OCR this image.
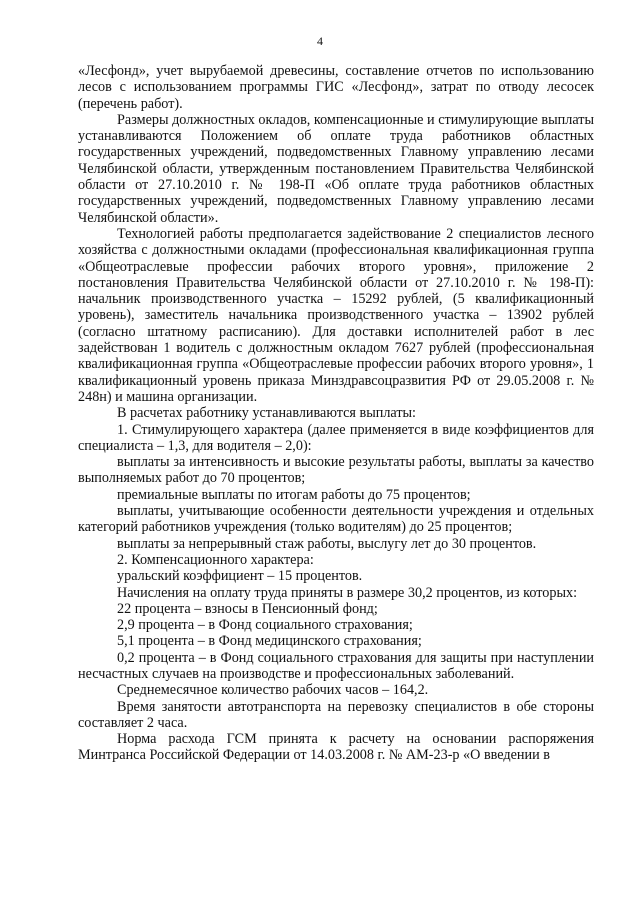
4

«Лесфонд», учет вырубаемой древесины, составление отчетов по использованию лесов с использованием программы ГИС «Лесфонд», затрат по отводу лесосек (перечень работ).

Размеры должностных окладов, компенсационные и стимулирующие выплаты устанавливаются Положением об оплате труда работников областных государственных учреждений, подведомственных Главному управлению лесами Челябинской области, утвержденным постановлением Правительства Челябинской области от 27.10.2010 г. № 198-П «Об оплате труда работников областных государственных учреждений, подведомственных Главному управлению лесами Челябинской области».

Технологией работы предполагается задействование 2 специалистов лесного хозяйства с должностными окладами (профессиональная квалификационная группа «Общеотраслевые профессии рабочих второго уровня», приложение 2 постановления Правительства Челябинской области от 27.10.2010 г. № 198-П): начальник производственного участка – 15292 рублей, (5 квалификационный уровень), заместитель начальника производственного участка – 13902 рублей (согласно штатному расписанию). Для доставки исполнителей работ в лес задействован 1 водитель с должностным окладом 7627 рублей (профессиональная квалификационная группа «Общеотраслевые профессии рабочих второго уровня», 1 квалификационный уровень приказа Минздравсоцразвития РФ от 29.05.2008 г. № 248н) и машина организации.

В расчетах работнику устанавливаются выплаты:

1. Стимулирующего характера (далее применяется в виде коэффициентов для специалиста – 1,3, для водителя – 2,0):

выплаты за интенсивность и высокие результаты работы, выплаты за качество выполняемых работ до 70 процентов;

премиальные выплаты по итогам работы до 75 процентов;

выплаты, учитывающие особенности деятельности учреждения и отдельных категорий работников учреждения (только водителям) до 25 процентов;

выплаты за непрерывный стаж работы, выслугу лет до 30 процентов.

2. Компенсационного характера:

уральский коэффициент – 15 процентов.

Начисления на оплату труда приняты в размере 30,2 процентов, из которых:

22 процента – взносы в Пенсионный фонд;

2,9 процента – в Фонд социального страхования;

5,1 процента – в Фонд медицинского страхования;

0,2 процента – в Фонд социального страхования для защиты при наступлении несчастных случаев на производстве и профессиональных заболеваний.

Среднемесячное количество рабочих часов – 164,2.

Время занятости автотранспорта на перевозку специалистов в обе стороны составляет 2 часа.

Норма расхода ГСМ принята к расчету на основании распоряжения Минтранса Российской Федерации от 14.03.2008 г. № АМ-23-р «О введении в
